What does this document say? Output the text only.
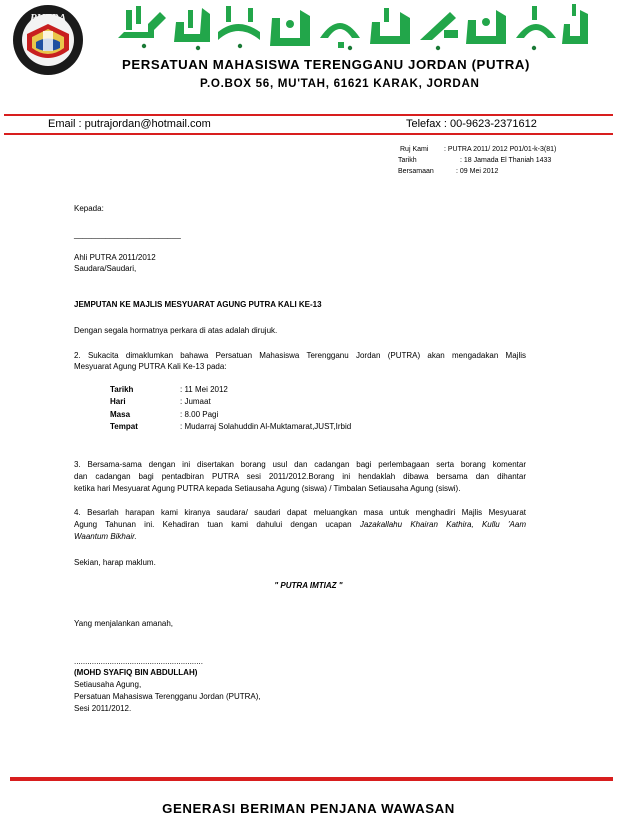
PUTRA
PERSATUAN MAHASISWA TERENGGANU JORDAN (PUTRA)
P.O.BOX 56, MU'TAH, 61621 KARAK, JORDAN
Email : putrajordan@hotmail.com	Telefax : 00-9623-2371612
Ruj Kami : PUTRA 2011/ 2012 P01/01-k-3(81)
Tarikh	: 18 Jamada El Thaniah 1433
Bersamaan	: 09 Mei 2012
Kepada:
________________________
Ahli PUTRA 2011/2012
Saudara/Saudari,
JEMPUTAN KE MAJLIS MESYUARAT AGUNG PUTRA KALI KE-13
Dengan segala hormatnya perkara di atas adalah dirujuk.
2. Sukacita dimaklumkan bahawa Persatuan Mahasiswa Terengganu Jordan (PUTRA) akan mengadakan Majlis
Mesyuarat Agung PUTRA Kali Ke-13 pada:
Tarikh	: 11 Mei 2012
Hari	: Jumaat
Masa	: 8.00 Pagi
Tempat	: Mudarraj Solahuddin Al-Muktamarat,JUST,Irbid
3. Bersama-sama dengan ini disertakan borang usul dan cadangan bagi perlembagaan serta borang komentar
dan cadangan bagi pentadbiran PUTRA sesi 2011/2012.Borang ini hendaklah dibawa bersama dan dihantar
ketika hari Mesyuarat Agung PUTRA kepada Setiausaha Agung (siswa) / Timbalan Setiausaha Agung (siswi).
4. Besarlah harapan kami kiranya saudara/ saudari dapat meluangkan masa untuk menghadiri Majlis Mesyuarat
Agung Tahunan ini. Kehadiran tuan kami dahului dengan ucapan Jazakallahu Khairan Kathira, Kullu 'Aam
Waantum Bikhair.
Sekian, harap maklum.
" PUTRA IMTIAZ "
Yang menjalankan amanah,
..........................................................
(MOHD SYAFIQ BIN ABDULLAH)
Setiausaha Agung,
Persatuan Mahasiswa Terengganu Jordan (PUTRA),
Sesi 2011/2012.
GENERASI BERIMAN PENJANA WAWASAN
